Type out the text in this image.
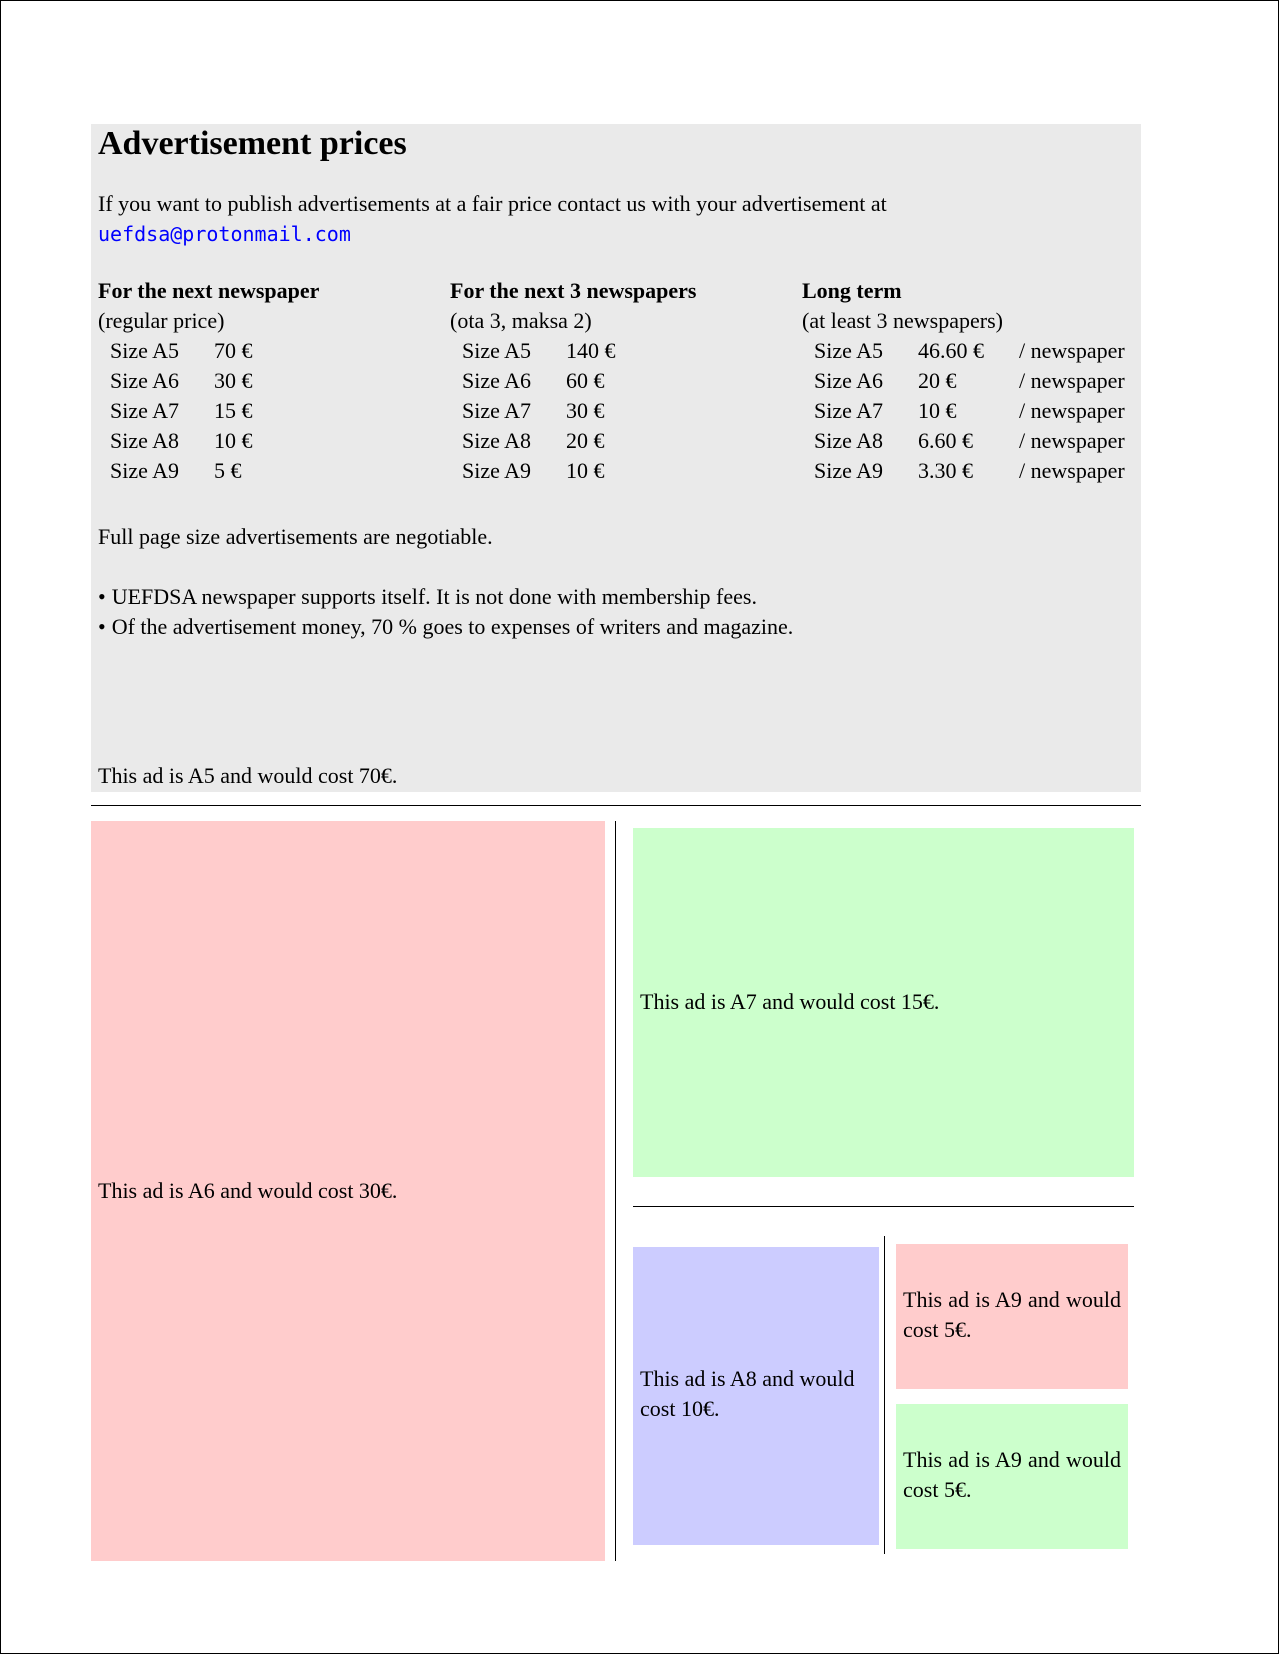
Advertisement prices
If you want to publish advertisements at a fair price contact us with your advertisement at uefdsa@protonmail.com
For the next newspaper
(regular price)
Size A5 70 €
Size A6 30 €
Size A7 15 €
Size A8 10 €
Size A9 5 €
For the next 3 newspapers
(ota 3, maksa 2)
Size A5 140 €
Size A6 60 €
Size A7 30 €
Size A8 20 €
Size A9 10 €
Long term
(at least 3 newspapers)
Size A5 46.60 € / newspaper
Size A6 20 €	/ newspaper
Size A7 10 €	/ newspaper
Size A8 6.60 € / newspaper
Size A9 3.30 € / newspaper
Full page size advertisements are negotiable.
• UEFDSA newspaper supports itself. It is not done with membership fees.
• Of the advertisement money, 70 % goes to expenses of writers and magazine.
This ad is A5 and would cost 70€.
This ad is A6 and would cost 30€.
This ad is A7 and would cost 15€.
This ad is A8 and would cost 10€.
This ad is A9 and would cost 5€.
This ad is A9 and would cost 5€.
